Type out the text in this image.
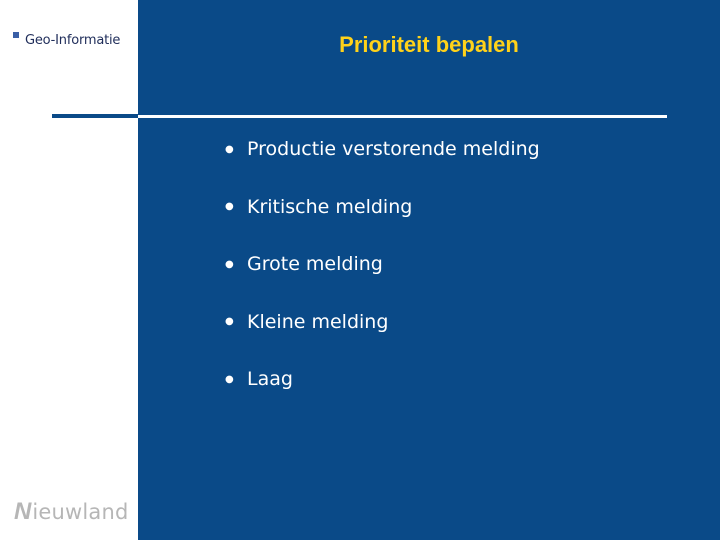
Geo-Informatie
N ieuwland
Prioriteit bepalen
● Productie verstorende melding
● Kritische melding
● Grote melding
● Kleine melding
● Laag
